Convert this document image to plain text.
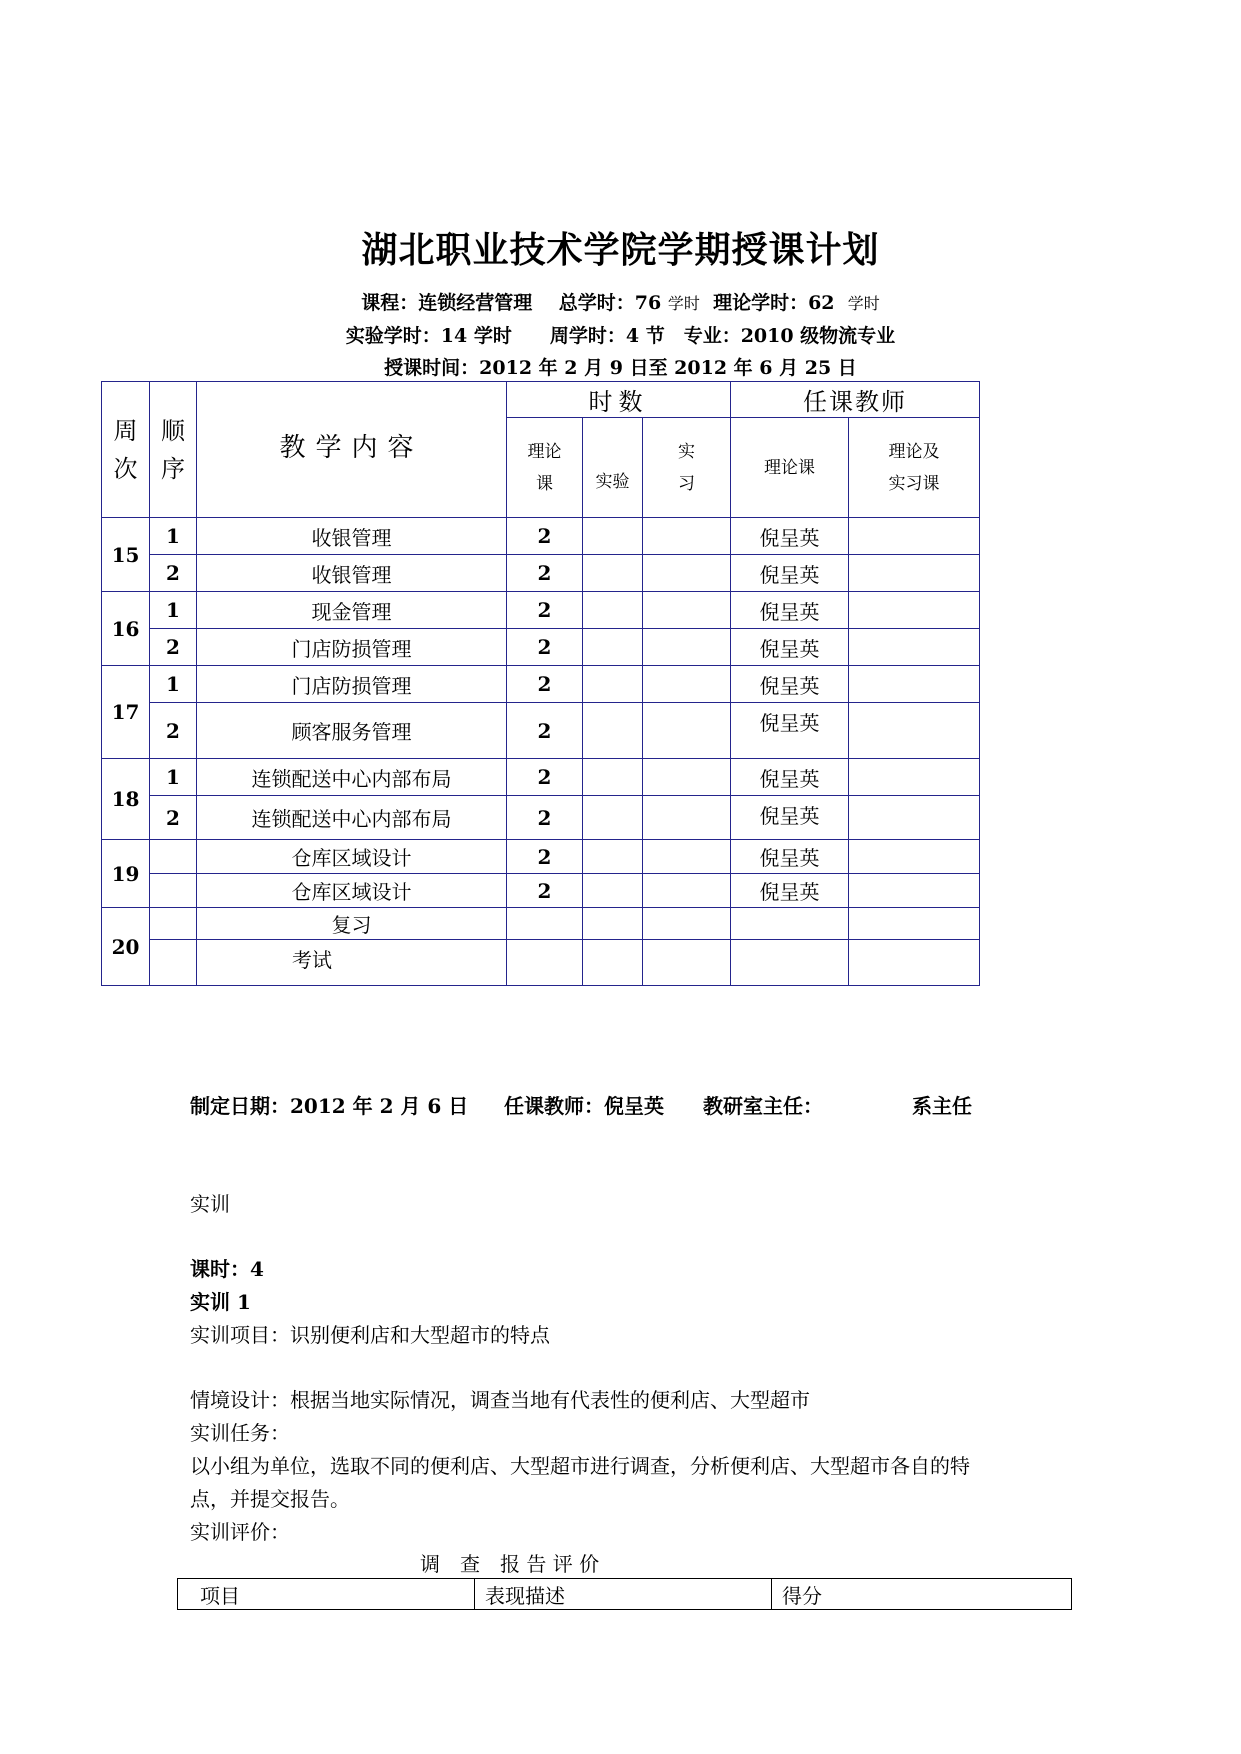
湖北职业技术学院学期授课计划
课程：连锁经营管理 总学时：76 学时 理论学时：62 学时
实验学时：14 学时　　周学时：4 节　专业：2010 级物流专业
授课时间：2012 年 2 月 9 日至 2012 年 6 月 25 日
周次	顺序	教学内容	时数			任课教师	
			理论课	实验	实习	理论课	理论及实习课
15	1	收银管理	2			倪呈英	
	2	收银管理	2			倪呈英	
16	1	现金管理	2			倪呈英	
	2	门店防损管理	2			倪呈英	
17	1	门店防损管理	2			倪呈英	
	2	顾客服务管理	2			倪呈英	
18	1	连锁配送中心内部布局	2			倪呈英	
	2	连锁配送中心内部布局	2			倪呈英	
19		仓库区域设计	2			倪呈英	
		仓库区域设计	2			倪呈英	
20		复习					
		考试					
制定日期：2012 年 2 月 6 日 任课教师：倪呈英 教研室主任：	系主任
实训
课时：4
实训 1
实训项目：识别便利店和大型超市的特点
情境设计：根据当地实际情况，调查当地有代表性的便利店、大型超市
实训任务：
以小组为单位，选取不同的便利店、大型超市进行调查，分析便利店、大型超市各自的特
点，并提交报告。
实训评价：
调　查　报 告 评 价
项目	表现描述	得分
